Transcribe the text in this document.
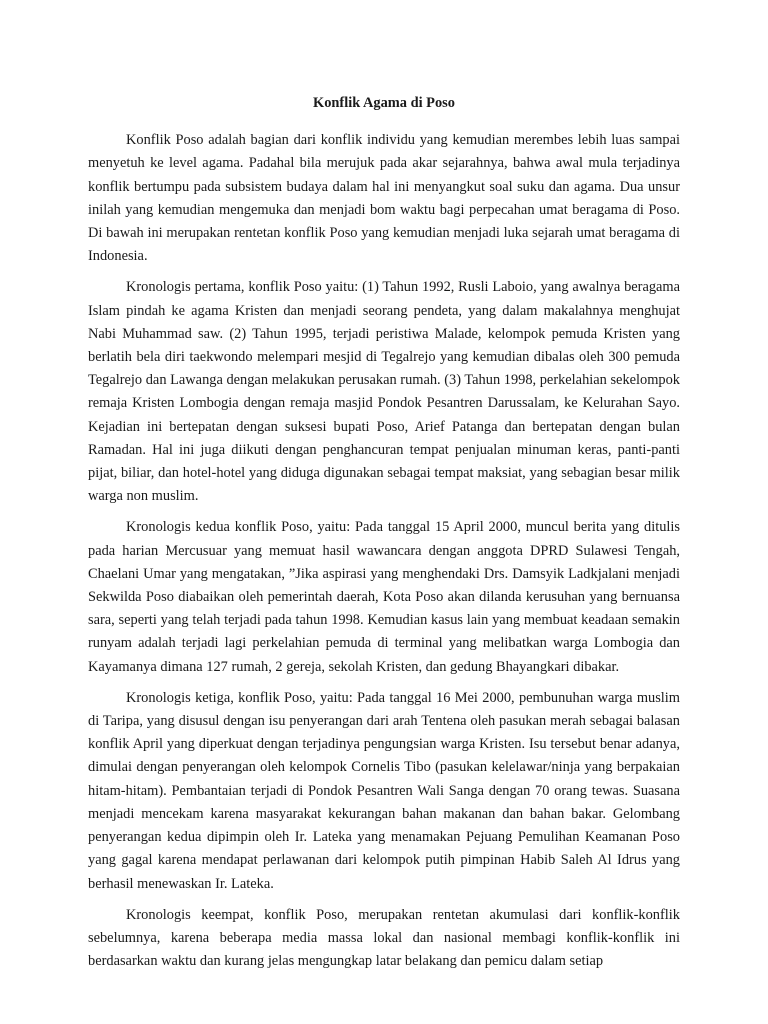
Konflik Agama di Poso

Konflik Poso adalah bagian dari konflik individu yang kemudian merembes lebih luas sampai menyetuh ke level agama. Padahal bila merujuk pada akar sejarahnya, bahwa awal mula terjadinya konflik bertumpu pada subsistem budaya dalam hal ini menyangkut soal suku dan agama. Dua unsur inilah yang kemudian mengemuka dan menjadi bom waktu bagi perpecahan umat beragama di Poso. Di bawah ini merupakan rentetan konflik Poso yang kemudian menjadi luka sejarah umat beragama di Indonesia.

Kronologis pertama, konflik Poso yaitu: (1) Tahun 1992, Rusli Laboio, yang awalnya beragama Islam pindah ke agama Kristen dan menjadi seorang pendeta, yang dalam makalahnya menghujat Nabi Muhammad saw. (2) Tahun 1995, terjadi peristiwa Malade, kelompok pemuda Kristen yang berlatih bela diri taekwondo melempari mesjid di Tegalrejo yang kemudian dibalas oleh 300 pemuda Tegalrejo dan Lawanga dengan melakukan perusakan rumah. (3) Tahun 1998, perkelahian sekelompok remaja Kristen Lombogia dengan remaja masjid Pondok Pesantren Darussalam, ke Kelurahan Sayo. Kejadian ini bertepatan dengan suksesi bupati Poso, Arief Patanga dan bertepatan dengan bulan Ramadan. Hal ini juga diikuti dengan penghancuran tempat penjualan minuman keras, panti-panti pijat, biliar, dan hotel-hotel yang diduga digunakan sebagai tempat maksiat, yang sebagian besar milik warga non muslim.

Kronologis kedua konflik Poso, yaitu: Pada tanggal 15 April 2000, muncul berita yang ditulis pada harian Mercusuar yang memuat hasil wawancara dengan anggota DPRD Sulawesi Tengah, Chaelani Umar yang mengatakan, ”Jika aspirasi yang menghendaki Drs. Damsyik Ladkjalani menjadi Sekwilda Poso diabaikan oleh pemerintah daerah, Kota Poso akan dilanda kerusuhan yang bernuansa sara, seperti yang telah terjadi pada tahun 1998. Kemudian kasus lain yang membuat keadaan semakin runyam adalah terjadi lagi perkelahian pemuda di terminal yang melibatkan warga Lombogia dan Kayamanya dimana 127 rumah, 2 gereja, sekolah Kristen, dan gedung Bhayangkari dibakar.

Kronologis ketiga, konflik Poso, yaitu: Pada tanggal 16 Mei 2000, pembunuhan warga muslim di Taripa, yang disusul dengan isu penyerangan dari arah Tentena oleh pasukan merah sebagai balasan konflik April yang diperkuat dengan terjadinya pengungsian warga Kristen. Isu tersebut benar adanya, dimulai dengan penyerangan oleh kelompok Cornelis Tibo (pasukan kelelawar/ninja yang berpakaian hitam-hitam). Pembantaian terjadi di Pondok Pesantren Wali Sanga dengan 70 orang tewas. Suasana menjadi mencekam karena masyarakat kekurangan bahan makanan dan bahan bakar. Gelombang penyerangan kedua dipimpin oleh Ir. Lateka yang menamakan Pejuang Pemulihan Keamanan Poso yang gagal karena mendapat perlawanan dari kelompok putih pimpinan Habib Saleh Al Idrus yang berhasil menewaskan Ir. Lateka.

Kronologis keempat, konflik Poso, merupakan rentetan akumulasi dari konflik-konflik sebelumnya, karena beberapa media massa lokal dan nasional membagi konflik-konflik ini berdasarkan waktu dan kurang jelas mengungkap latar belakang dan pemicu dalam setiap
